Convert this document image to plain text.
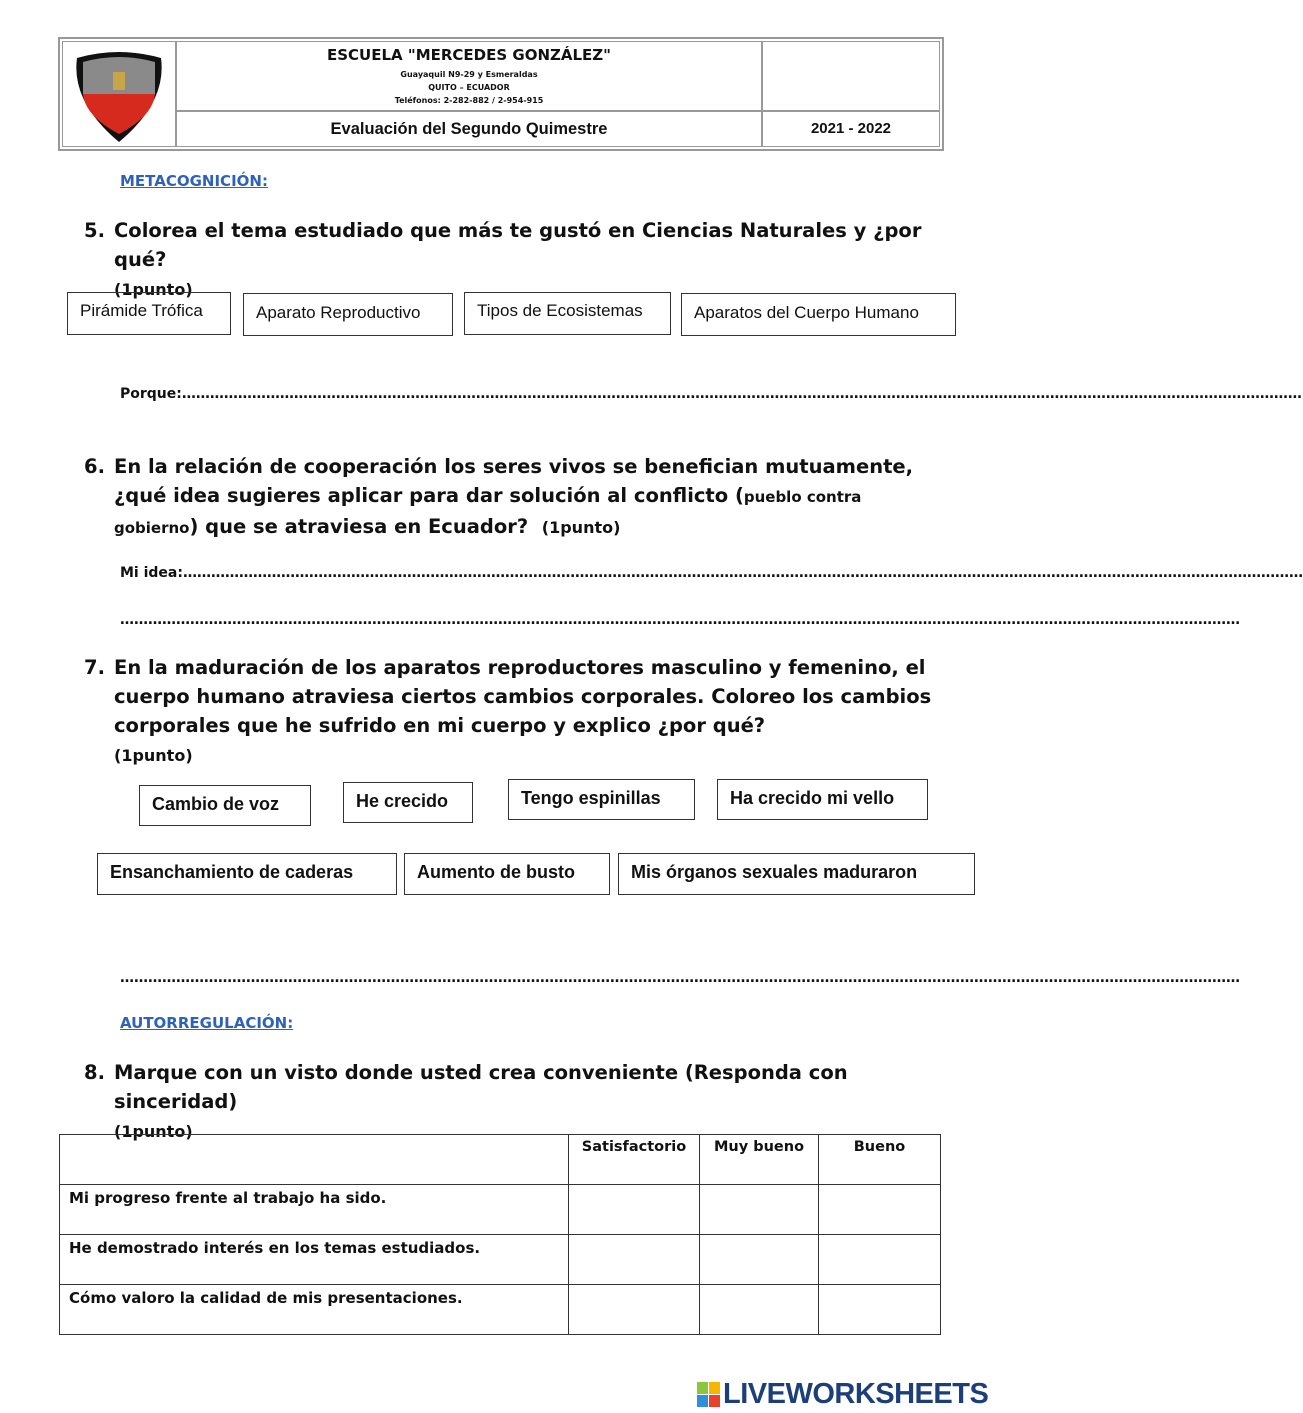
ESCUELA "MERCEDES GONZÁLEZ"
Guayaquil N9-29 y Esmeraldas
QUITO – ECUADOR
Teléfonos: 2-282-882 / 2-954-915
Evaluación del Segundo Quimestre	2021 - 2022
METACOGNICIÓN:
5. Colorea el tema estudiado que más te gustó en Ciencias Naturales y ¿por qué?
(1punto)
Pirámide Trófica	Aparato Reproductivo	Tipos de Ecosistemas	Aparatos del Cuerpo Humano
Porque:……………………………………………………………………………………………………………………………………………………………………………………………………………………
6. En la relación de cooperación los seres vivos se benefician mutuamente, ¿qué idea sugieres aplicar para dar solución al conflicto (pueblo contra gobierno) que se atraviesa en Ecuador? (1punto)
Mi idea:……………………………………………………………………………………………………………………………………………………………………………………………………………………
……………………………………………………………………………………………………………………………………………………………………………………………………………………
7. En la maduración de los aparatos reproductores masculino y femenino, el cuerpo humano atraviesa ciertos cambios corporales. Coloreo los cambios corporales que he sufrido en mi cuerpo y explico ¿por qué?
(1punto)
Cambio de voz	He crecido	Tengo espinillas	Ha crecido mi vello
Ensanchamiento de caderas	Aumento de busto	Mis órganos sexuales maduraron
……………………………………………………………………………………………………………………………………………………………………………………………………………………
AUTORREGULACIÓN:
8. Marque con un visto donde usted crea conveniente (Responda con sinceridad)
(1punto)
	Satisfactorio	Muy bueno	Bueno
Mi progreso frente al trabajo ha sido.			
He demostrado interés en los temas estudiados.			
Cómo valoro la calidad de mis presentaciones.			
LIVEWORKSHEETS
